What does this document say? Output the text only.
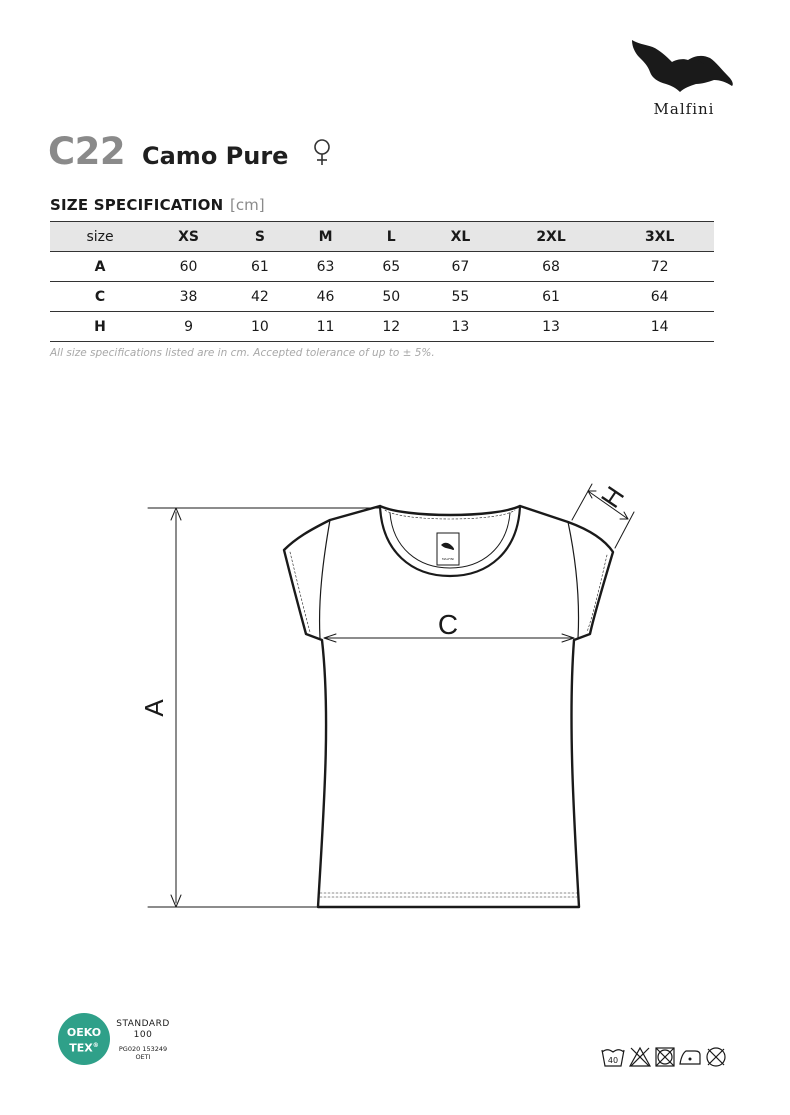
Malfini
C22 Camo Pure
SIZE SPECIFICATION [cm]
size	XS	S	M	L	XL	2XL	3XL
A	60	61	63	65	67	68	72
C	38	42	46	50	55	61	64
H	9	10	11	12	13	13	14
All size specifications listed are in cm. Accepted tolerance of up to ± 5%.
MALFINI
A
C
H
OEKO
TEX®
STANDARD
100
PG020 153249
OETI	40
